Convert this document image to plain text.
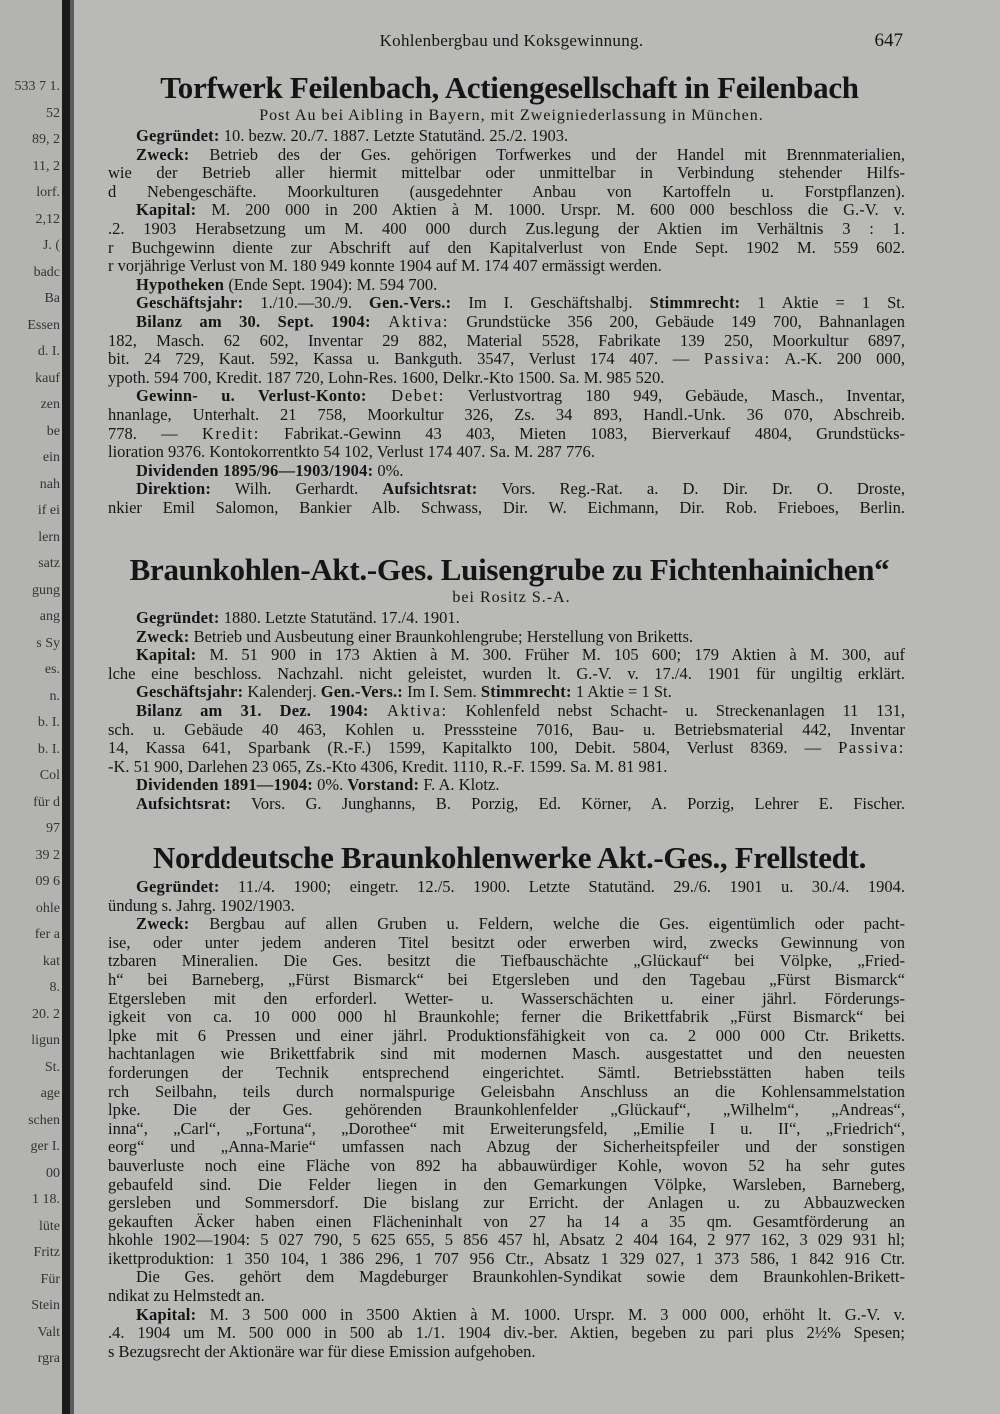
533 7 1.
52
89, 2
11, 2
lorf.
2,12
J. (
badc
Ba
Essen
d. I.
kauf
zen
be
ein
nah
if ei
lern
satz
gung
ang
s Sy
es.
n.
b. I.
b. I.
Col
für d
97
39 2
09 6
ohle
fer a
kat
8.
20. 2
ligun
St.
age
schen
ger I.
00
1 18.
lüte
Fritz
Für
Stein
Valt
rgra
Kohlenbergbau und Koksgewinnung.	647
Torfwerk Feilenbach, Actiengesellschaft in Feilenbach
Post Au bei Aibling in Bayern, mit Zweigniederlassung in München.
Gegründet: 10. bezw. 20./7. 1887. Letzte Statutänd. 25./2. 1903.
Zweck: Betrieb des der Ges. gehörigen Torfwerkes und der Handel mit Brennmaterialien,
wie der Betrieb aller hiermit mittelbar oder unmittelbar in Verbindung stehender Hilfs-
d Nebengeschäfte. Moorkulturen (ausgedehnter Anbau von Kartoffeln u. Forstpflanzen).
Kapital: M. 200 000 in 200 Aktien à M. 1000. Urspr. M. 600 000 beschloss die G.-V. v.
.2. 1903 Herabsetzung um M. 400 000 durch Zus.legung der Aktien im Verhältnis 3 : 1.
r Buchgewinn diente zur Abschrift auf den Kapitalverlust von Ende Sept. 1902 M. 559 602.
r vorjährige Verlust von M. 180 949 konnte 1904 auf M. 174 407 ermässigt werden.
Hypotheken (Ende Sept. 1904): M. 594 700.
Geschäftsjahr: 1./10.—30./9. Gen.-Vers.: Im I. Geschäftshalbj. Stimmrecht: 1 Aktie = 1 St.
Bilanz am 30. Sept. 1904: Aktiva: Grundstücke 356 200, Gebäude 149 700, Bahnanlagen
182, Masch. 62 602, Inventar 29 882, Material 5528, Fabrikate 139 250, Moorkultur 6897,
bit. 24 729, Kaut. 592, Kassa u. Bankguth. 3547, Verlust 174 407. — Passiva: A.-K. 200 000,
ypoth. 594 700, Kredit. 187 720, Lohn-Res. 1600, Delkr.-Kto 1500. Sa. M. 985 520.
Gewinn- u. Verlust-Konto: Debet: Verlustvortrag 180 949, Gebäude, Masch., Inventar,
hnanlage, Unterhalt. 21 758, Moorkultur 326, Zs. 34 893, Handl.-Unk. 36 070, Abschreib.
778. — Kredit: Fabrikat.-Gewinn 43 403, Mieten 1083, Bierverkauf 4804, Grundstücks-
lioration 9376. Kontokorrentkto 54 102, Verlust 174 407. Sa. M. 287 776.
Dividenden 1895/96—1903/1904: 0%.
Direktion: Wilh. Gerhardt. Aufsichtsrat: Vors. Reg.-Rat. a. D. Dir. Dr. O. Droste,
nkier Emil Salomon, Bankier Alb. Schwass, Dir. W. Eichmann, Dir. Rob. Frieboes, Berlin.
Braunkohlen-Akt.-Ges. Luisengrube zu Fichtenhainichen“
bei Rositz S.-A.
Gegründet: 1880. Letzte Statutänd. 17./4. 1901.
Zweck: Betrieb und Ausbeutung einer Braunkohlengrube; Herstellung von Briketts.
Kapital: M. 51 900 in 173 Aktien à M. 300. Früher M. 105 600; 179 Aktien à M. 300, auf
lche eine beschloss. Nachzahl. nicht geleistet, wurden lt. G.-V. v. 17./4. 1901 für ungiltig erklärt.
Geschäftsjahr: Kalenderj. Gen.-Vers.: Im I. Sem. Stimmrecht: 1 Aktie = 1 St.
Bilanz am 31. Dez. 1904: Aktiva: Kohlenfeld nebst Schacht- u. Streckenanlagen 11 131,
sch. u. Gebäude 40 463, Kohlen u. Presssteine 7016, Bau- u. Betriebsmaterial 442, Inventar
14, Kassa 641, Sparbank (R.-F.) 1599, Kapitalkto 100, Debit. 5804, Verlust 8369. — Passiva:
-K. 51 900, Darlehen 23 065, Zs.-Kto 4306, Kredit. 1110, R.-F. 1599. Sa. M. 81 981.
Dividenden 1891—1904: 0%. Vorstand: F. A. Klotz.
Aufsichtsrat: Vors. G. Junghanns, B. Porzig, Ed. Körner, A. Porzig, Lehrer E. Fischer.
Norddeutsche Braunkohlenwerke Akt.-Ges., Frellstedt.
Gegründet: 11./4. 1900; eingetr. 12./5. 1900. Letzte Statutänd. 29./6. 1901 u. 30./4. 1904.
ündung s. Jahrg. 1902/1903.
Zweck: Bergbau auf allen Gruben u. Feldern, welche die Ges. eigentümlich oder pacht-
ise, oder unter jedem anderen Titel besitzt oder erwerben wird, zwecks Gewinnung von
tzbaren Mineralien. Die Ges. besitzt die Tiefbauschächte „Glückauf“ bei Völpke, „Fried-
h“ bei Barneberg, „Fürst Bismarck“ bei Etgersleben und den Tagebau „Fürst Bismarck“
Etgersleben mit den erforderl. Wetter- u. Wasserschächten u. einer jährl. Förderungs-
igkeit von ca. 10 000 000 hl Braunkohle; ferner die Brikettfabrik „Fürst Bismarck“ bei
lpke mit 6 Pressen und einer jährl. Produktionsfähigkeit von ca. 2 000 000 Ctr. Briketts.
hachtanlagen wie Brikettfabrik sind mit modernen Masch. ausgestattet und den neuesten
forderungen der Technik entsprechend eingerichtet. Sämtl. Betriebsstätten haben teils
rch Seilbahn, teils durch normalspurige Geleisbahn Anschluss an die Kohlensammelstation
lpke. Die der Ges. gehörenden Braunkohlenfelder „Glückauf“, „Wilhelm“, „Andreas“,
inna“, „Carl“, „Fortuna“, „Dorothee“ mit Erweiterungsfeld, „Emilie I u. II“, „Friedrich“,
eorg“ und „Anna-Marie“ umfassen nach Abzug der Sicherheitspfeiler und der sonstigen
bauverluste noch eine Fläche von 892 ha abbauwürdiger Kohle, wovon 52 ha sehr gutes
gebaufeld sind. Die Felder liegen in den Gemarkungen Völpke, Warsleben, Barneberg,
gersleben und Sommersdorf. Die bislang zur Erricht. der Anlagen u. zu Abbauzwecken
gekauften Äcker haben einen Flächeninhalt von 27 ha 14 a 35 qm. Gesamtförderung an
hkohle 1902—1904: 5 027 790, 5 625 655, 5 856 457 hl, Absatz 2 404 164, 2 977 162, 3 029 931 hl;
ikettproduktion: 1 350 104, 1 386 296, 1 707 956 Ctr., Absatz 1 329 027, 1 373 586, 1 842 916 Ctr.
Die Ges. gehört dem Magdeburger Braunkohlen-Syndikat sowie dem Braunkohlen-Brikett-
ndikat zu Helmstedt an.
Kapital: M. 3 500 000 in 3500 Aktien à M. 1000. Urspr. M. 3 000 000, erhöht lt. G.-V. v.
.4. 1904 um M. 500 000 in 500 ab 1./1. 1904 div.-ber. Aktien, begeben zu pari plus 2½% Spesen;
s Bezugsrecht der Aktionäre war für diese Emission aufgehoben.
